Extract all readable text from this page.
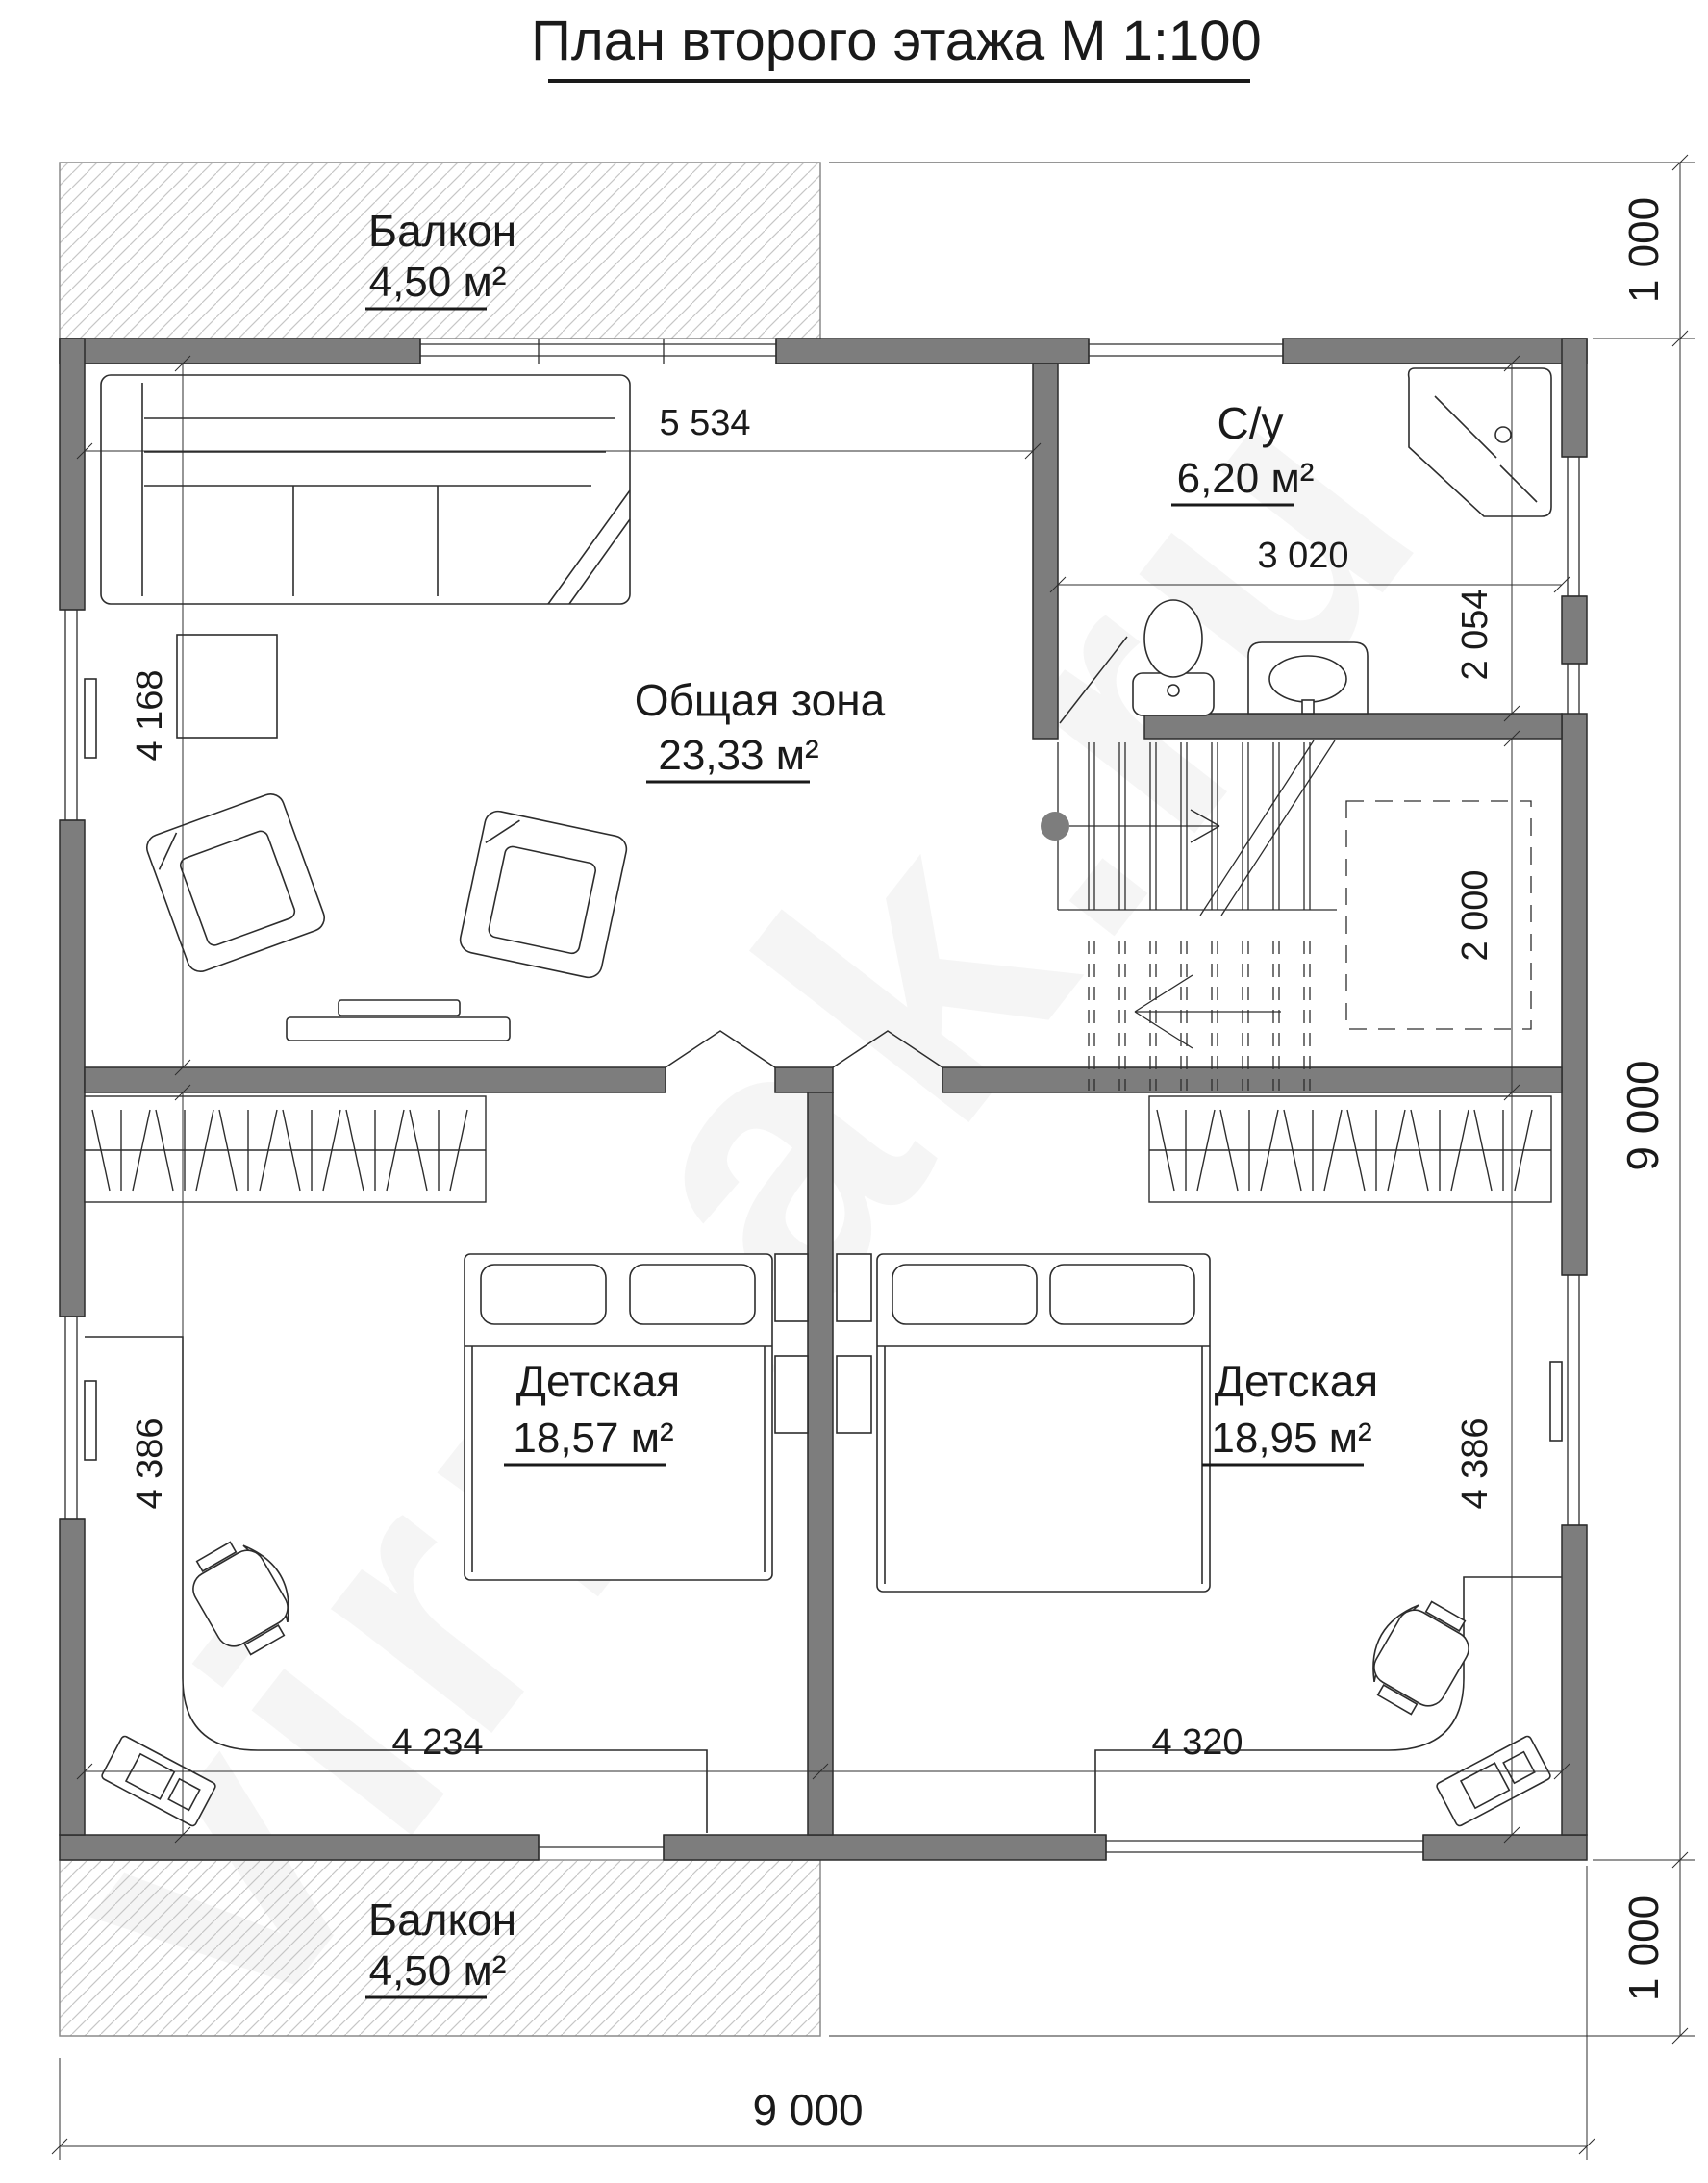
План второго этажа М 1:100
5 534
3 020
4 234	4 320
9 000
4 168
4 386
2 054
2 000
4 386
1 000
9 000
1 000
Балкон
4,50 м²
С/у
6,20 м²
Общая зона
23,33 м²
Детская
18,57 м²
Детская
18,95 м²
Балкон
4,50 м²
